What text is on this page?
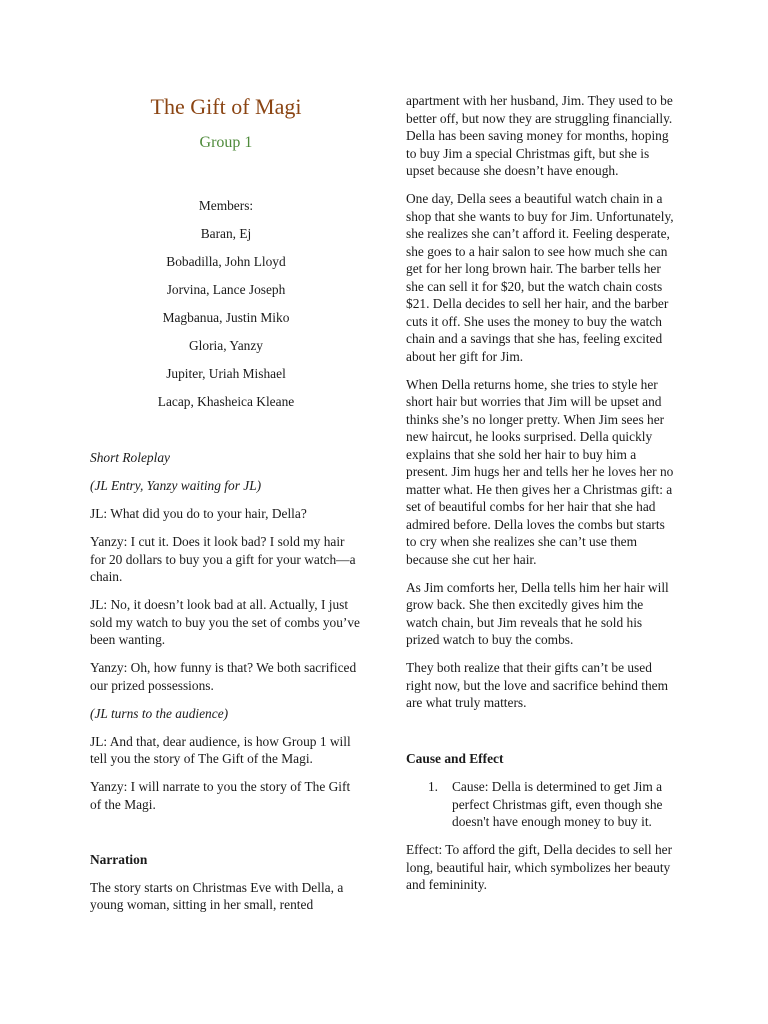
The Gift of Magi
Group 1
Members:
Baran, Ej
Bobadilla, John Lloyd
Jorvina, Lance Joseph
Magbanua, Justin Miko
Gloria, Yanzy
Jupiter, Uriah Mishael
Lacap, Khasheica Kleane

Short Roleplay

(JL Entry, Yanzy waiting for JL)

JL: What did you do to your hair, Della?

Yanzy: I cut it. Does it look bad? I sold my hair for 20 dollars to buy you a gift for your watch—a chain.

JL: No, it doesn’t look bad at all. Actually, I just sold my watch to buy you the set of combs you’ve been wanting.

Yanzy: Oh, how funny is that? We both sacrificed our prized possessions.

(JL turns to the audience)

JL: And that, dear audience, is how Group 1 will tell you the story of The Gift of the Magi.

Yanzy: I will narrate to you the story of The Gift of the Magi.

Narration

The story starts on Christmas Eve with Della, a young woman, sitting in her small, rented

apartment with her husband, Jim. They used to be better off, but now they are struggling financially. Della has been saving money for months, hoping to buy Jim a special Christmas gift, but she is upset because she doesn’t have enough.

One day, Della sees a beautiful watch chain in a shop that she wants to buy for Jim. Unfortunately, she realizes she can’t afford it. Feeling desperate, she goes to a hair salon to see how much she can get for her long brown hair. The barber tells her she can sell it for $20, but the watch chain costs $21. Della decides to sell her hair, and the barber cuts it off. She uses the money to buy the watch chain and a savings that she has, feeling excited about her gift for Jim.

When Della returns home, she tries to style her short hair but worries that Jim will be upset and thinks she’s no longer pretty. When Jim sees her new haircut, he looks surprised. Della quickly explains that she sold her hair to buy him a present. Jim hugs her and tells her he loves her no matter what. He then gives her a Christmas gift: a set of beautiful combs for her hair that she had admired before. Della loves the combs but starts to cry when she realizes she can’t use them because she cut her hair.

As Jim comforts her, Della tells him her hair will grow back. She then excitedly gives him the watch chain, but Jim reveals that he sold his prized watch to buy the combs.

They both realize that their gifts can’t be used right now, but the love and sacrifice behind them are what truly matters.

Cause and Effect

1.	Cause: Della is determined to get Jim a perfect Christmas gift, even though she doesn't have enough money to buy it.

Effect: To afford the gift, Della decides to sell her long, beautiful hair, which symbolizes her beauty and femininity.
